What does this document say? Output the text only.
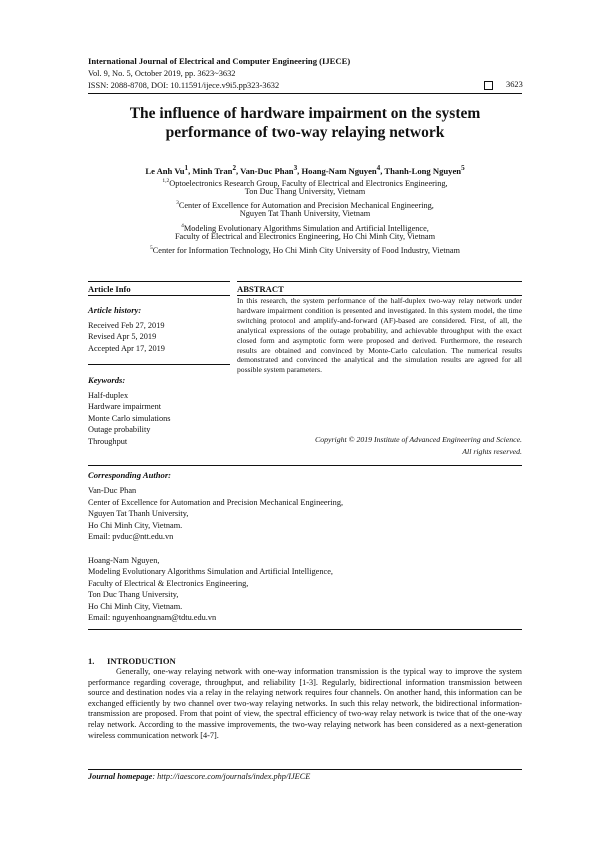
International Journal of Electrical and Computer Engineering (IJECE)
Vol. 9, No. 5, October 2019, pp. 3623~3632
ISSN: 2088-8708, DOI: 10.11591/ijece.v9i5.pp323-3632	3623
The influence of hardware impairment on the system
performance of two-way relaying network
Le Anh Vu$^1$, Minh Tran$^2$, Van-Duc Phan$^3$, Hoang-Nam Nguyen$^4$, Thanh-Long Nguyen$^5$
$^{1,2}$Optoelectronics Research Group, Faculty of Electrical and Electronics Engineering,
Ton Duc Thang University, Vietnam
$^3$Center of Excellence for Automation and Precision Mechanical Engineering,
Nguyen Tat Thanh University, Vietnam
$^4$Modeling Evolutionary Algorithms Simulation and Artificial Intelligence,
Faculty of Electrical and Electronics Engineering, Ho Chi Minh City, Vietnam
$^5$Center for Information Technology, Ho Chi Minh City University of Food Industry, Vietnam
Article Info	ABSTRACT
Article history:
Received Feb 27, 2019
Revised Apr 5, 2019
Accepted Apr 17, 2019
Keywords:
Half-duplex
Hardware impairment
Monte Carlo simulations
Outage probability
Throughput
In this research, the system performance of the half-duplex two-way relay network under hardware impairment condition is presented and investigated. In this system model, the time switching protocol and amplify-and-forward (AF)-based are considered. First, of all, the analytical expressions of the outage probability, and achievable throughput with the exact closed form and asymptotic form were proposed and derived. Furthermore, the research results are obtained and convinced by Monte-Carlo calculation. The numerical results demonstrated and convinced the analytical and the simulation results are agreed for all possible system parameters.
Copyright © 2019 Institute of Advanced Engineering and Science.
All rights reserved.
Corresponding Author:
Van-Duc Phan
Center of Excellence for Automation and Precision Mechanical Engineering,
Nguyen Tat Thanh University,
Ho Chi Minh City, Vietnam.
Email: pvduc@ntt.edu.vn
Hoang-Nam Nguyen,
Modeling Evolutionary Algorithms Simulation and Artificial Intelligence,
Faculty of Electrical & Electronics Engineering,
Ton Duc Thang University,
Ho Chi Minh City, Vietnam.
Email: nguyenhoangnam@tdtu.edu.vn
1. INTRODUCTION
Generally, one-way relaying network with one-way information transmission is the typical way to improve the system performance regarding coverage, throughput, and reliability [1-3]. Regularly, bidirectional information transmission between source and destination nodes via a relay in the relaying network requires four channels. On another hand, this information can be exchanged efficiently by two channel over two-way relaying networks. In such this relay network, the bidirectional information-transmission are proposed. From that point of view, the spectral efficiency of two-way relay network is twice that of the one-way relay network. According to the massive improvements, the two-way relaying network has been considered as a next-generation wireless communication network [4-7].
Journal homepage: http://iaescore.com/journals/index.php/IJECE
